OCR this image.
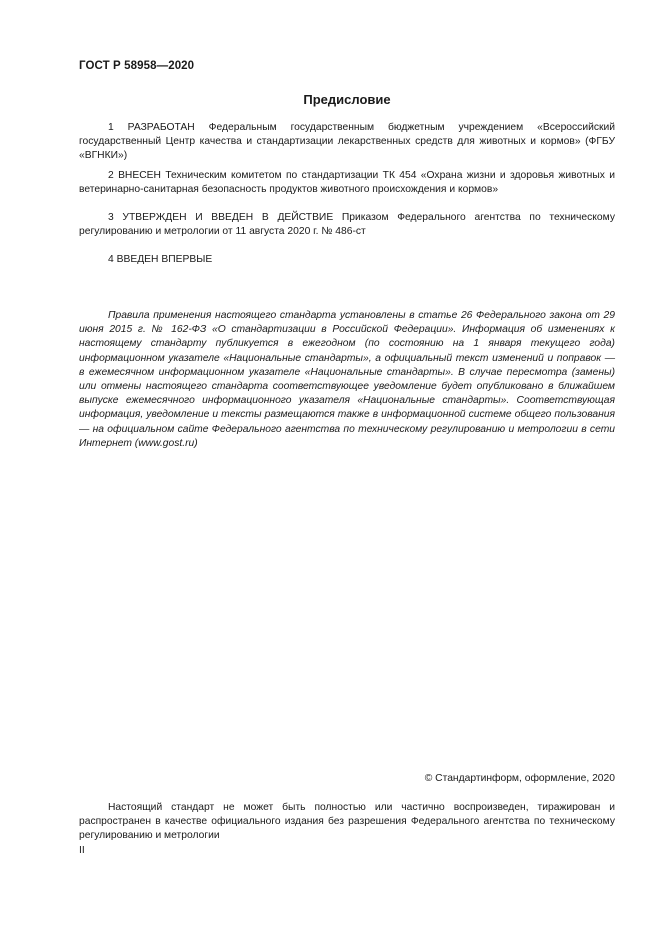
ГОСТ Р 58958—2020
Предисловие

1 РАЗРАБОТАН Федеральным государственным бюджетным учреждением «Всероссийский государственный Центр качества и стандартизации лекарственных средств для животных и кормов» (ФГБУ «ВГНКИ»)

2 ВНЕСЕН Техническим комитетом по стандартизации ТК 454 «Охрана жизни и здоровья животных и ветеринарно-санитарная безопасность продуктов животного происхождения и кормов»

3 УТВЕРЖДЕН И ВВЕДЕН В ДЕЙСТВИЕ Приказом Федерального агентства по техническому регулированию и метрологии от 11 августа 2020 г. № 486-ст

4 ВВЕДЕН ВПЕРВЫЕ

Правила применения настоящего стандарта установлены в статье 26 Федерального закона от 29 июня 2015 г. № 162-ФЗ «О стандартизации в Российской Федерации». Информация об изменениях к настоящему стандарту публикуется в ежегодном (по состоянию на 1 января текущего года) информационном указателе «Национальные стандарты», а официальный текст изменений и поправок — в ежемесячном информационном указателе «Национальные стандарты». В случае пересмотра (замены) или отмены настоящего стандарта соответствующее уведомление будет опубликовано в ближайшем выпуске ежемесячного информационного указателя «Национальные стандарты». Соответствующая информация, уведомление и тексты размещаются также в информационной системе общего пользования — на официальном сайте Федерального агентства по техническому регулированию и метрологии в сети Интернет (www.gost.ru)

© Стандартинформ, оформление, 2020

Настоящий стандарт не может быть полностью или частично воспроизведен, тиражирован и распространен в качестве официального издания без разрешения Федерального агентства по техническому регулированию и метрологии

II
